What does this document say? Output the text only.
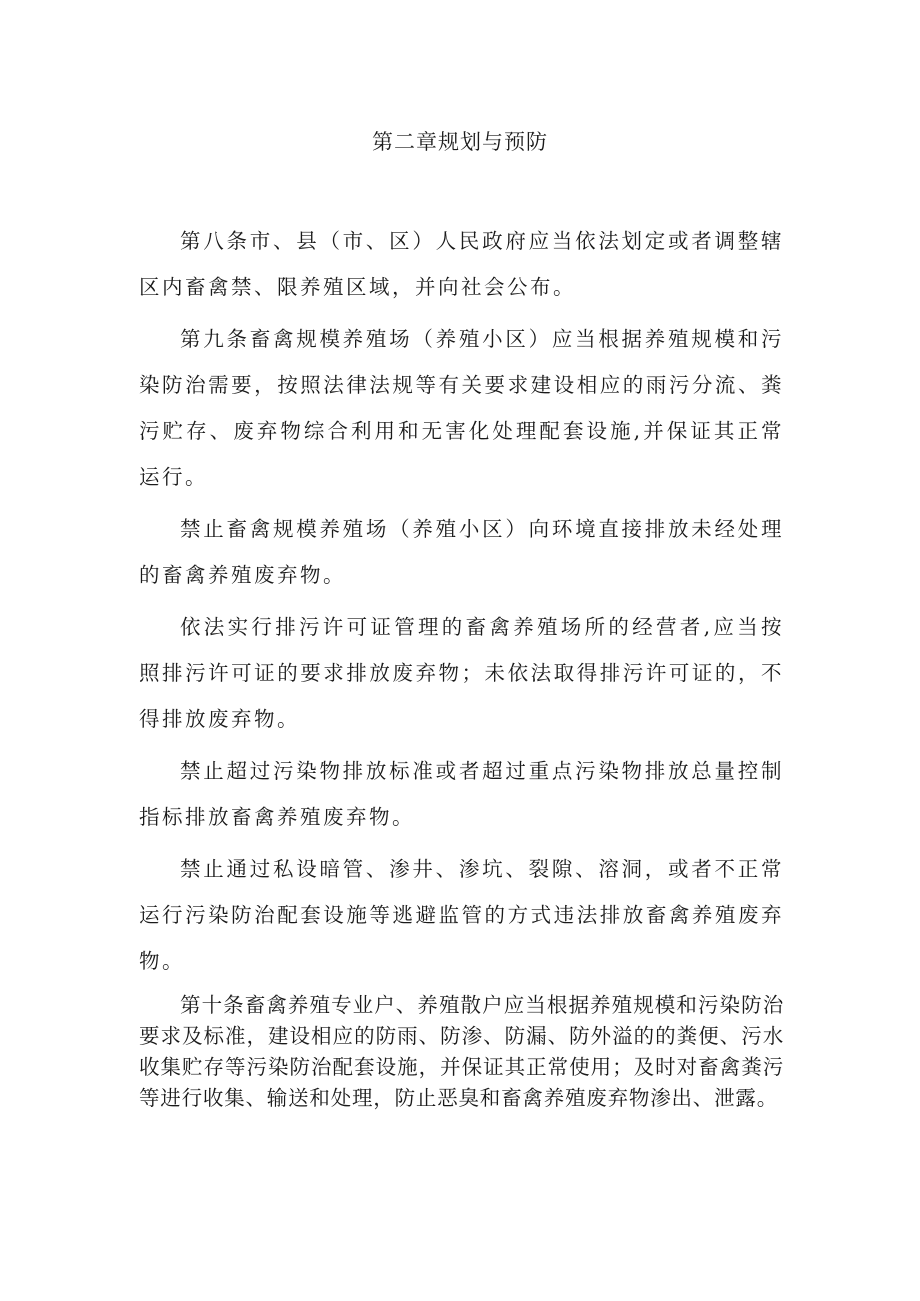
第二章规划与预防

第八条市、县（市、区）人民政府应当依法划定或者调整辖区内畜禽禁、限养殖区域，并向社会公布。

第九条畜禽规模养殖场（养殖小区）应当根据养殖规模和污染防治需要，按照法律法规等有关要求建设相应的雨污分流、粪污贮存、废弃物综合利用和无害化处理配套设施,并保证其正常运行。

禁止畜禽规模养殖场（养殖小区）向环境直接排放未经处理的畜禽养殖废弃物。

依法实行排污许可证管理的畜禽养殖场所的经营者,应当按照排污许可证的要求排放废弃物；未依法取得排污许可证的，不得排放废弃物。

禁止超过污染物排放标准或者超过重点污染物排放总量控制指标排放畜禽养殖废弃物。

禁止通过私设暗管、渗井、渗坑、裂隙、溶洞，或者不正常运行污染防治配套设施等逃避监管的方式违法排放畜禽养殖废弃物。

第十条畜禽养殖专业户、养殖散户应当根据养殖规模和污染防治要求及标准，建设相应的防雨、防渗、防漏、防外溢的的粪便、污水收集贮存等污染防治配套设施，并保证其正常使用；及时对畜禽粪污等进行收集、输送和处理，防止恶臭和畜禽养殖废弃物渗出、泄露。
